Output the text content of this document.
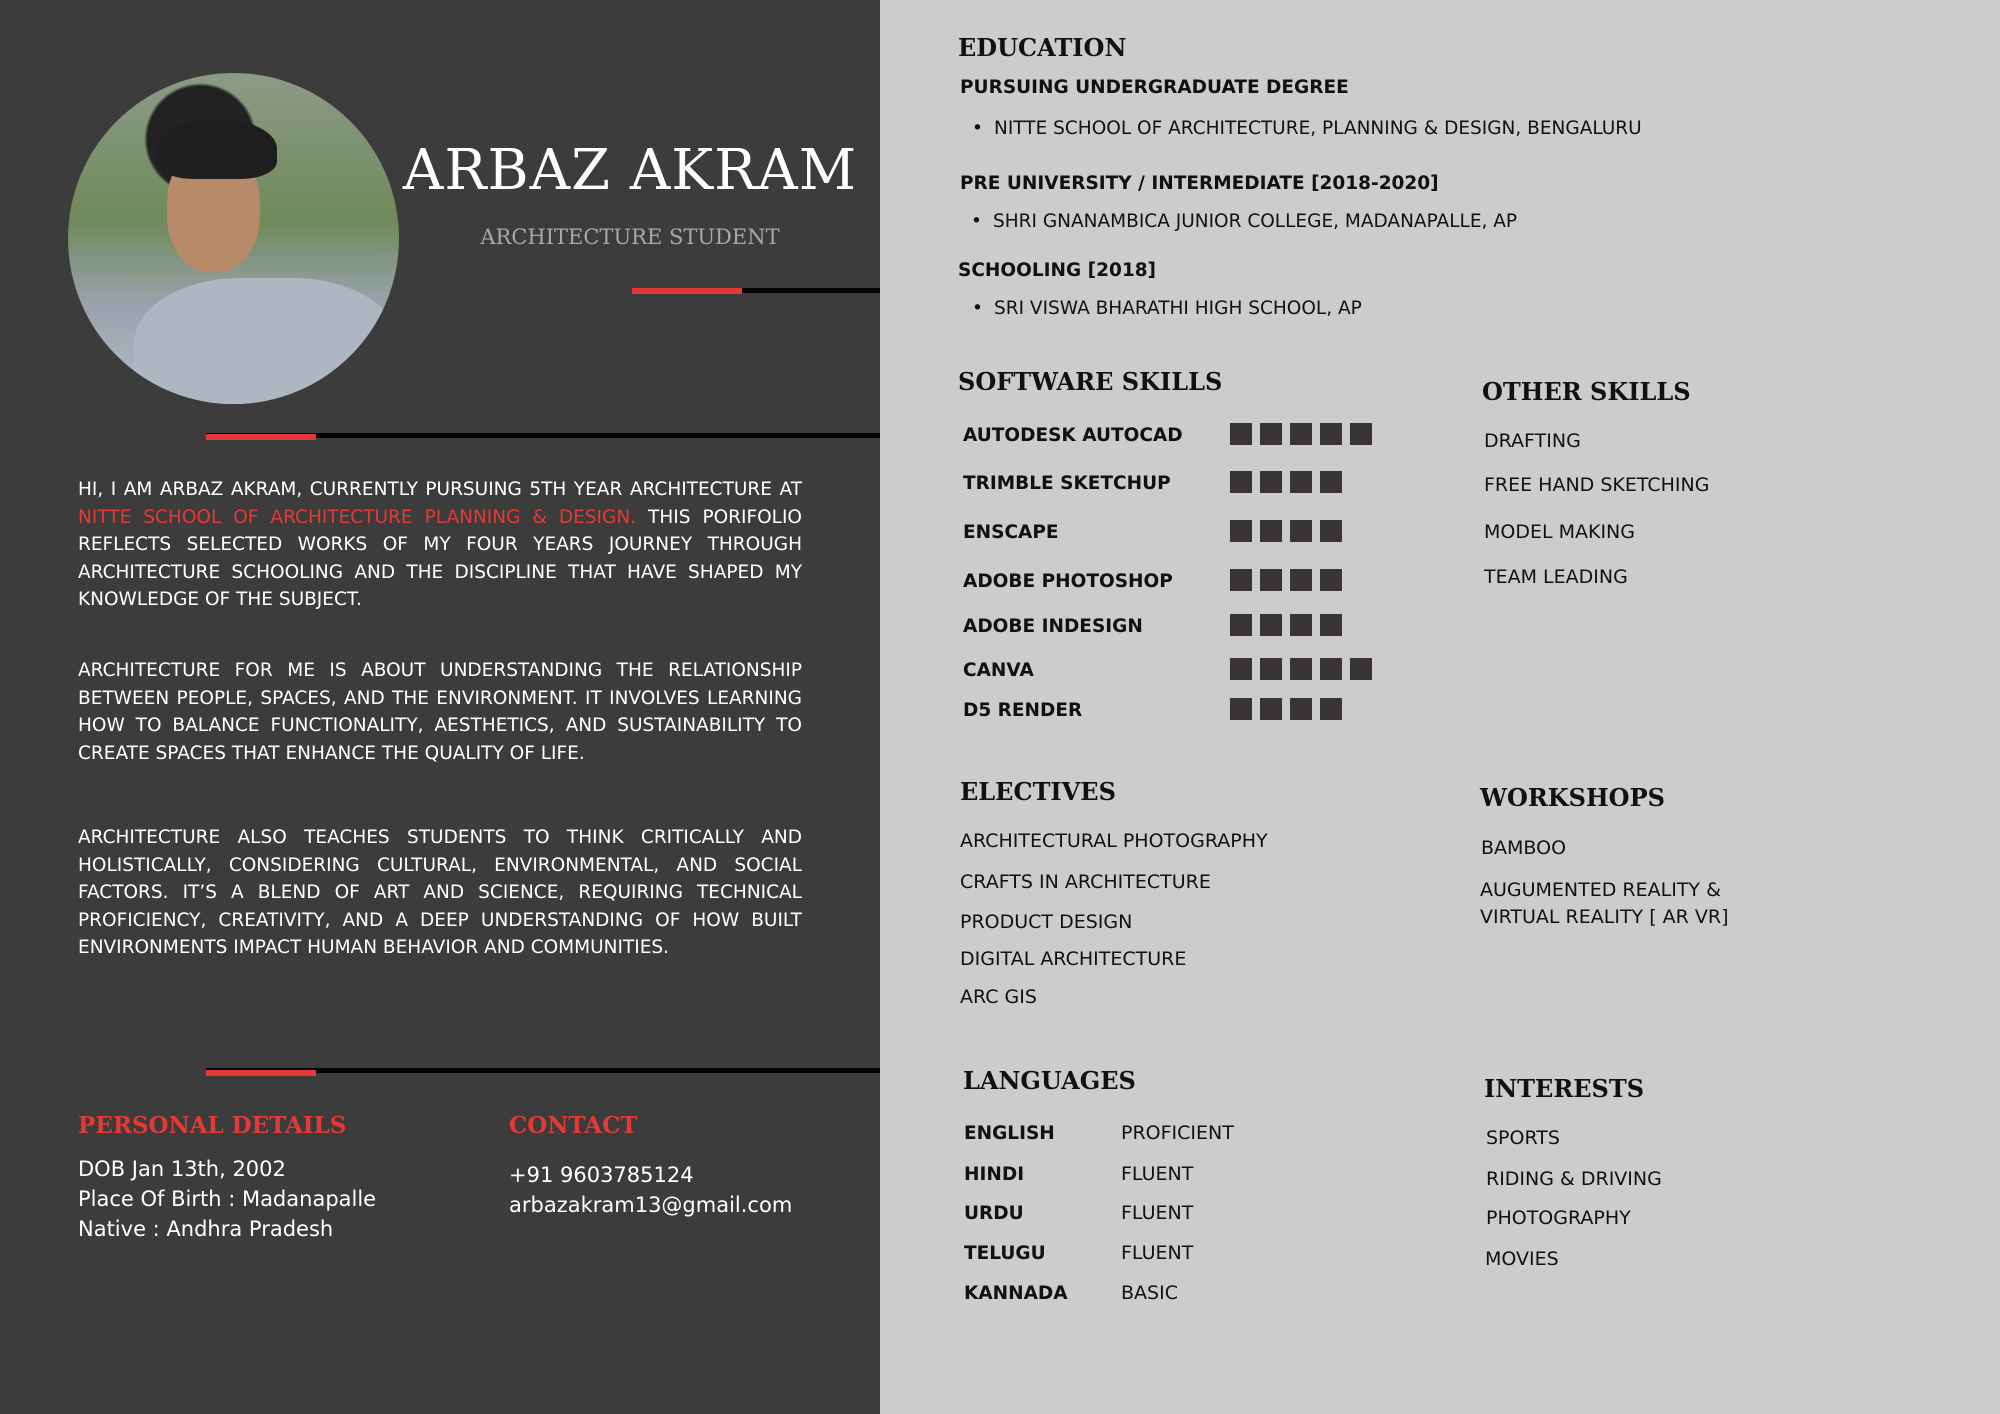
ARBAZ AKRAM
ARCHITECTURE STUDENT
HI, I AM ARBAZ AKRAM, CURRENTLY PURSUING 5TH YEAR ARCHITECTURE AT NITTE SCHOOL OF ARCHITECTURE PLANNING & DESIGN. THIS PORIFOLIO REFLECTS SELECTED WORKS OF MY FOUR YEARS JOURNEY THROUGH ARCHITECTURE SCHOOLING AND THE DISCIPLINE THAT HAVE SHAPED MY KNOWLEDGE OF THE SUBJECT.
ARCHITECTURE FOR ME IS ABOUT UNDERSTANDING THE RELATIONSHIP BETWEEN PEOPLE, SPACES, AND THE ENVIRONMENT. IT INVOLVES LEARNING HOW TO BALANCE FUNCTIONALITY, AESTHETICS, AND SUSTAINABILITY TO CREATE SPACES THAT ENHANCE THE QUALITY OF LIFE.
ARCHITECTURE ALSO TEACHES STUDENTS TO THINK CRITICALLY AND HOLISTICALLY, CONSIDERING CULTURAL, ENVIRONMENTAL, AND SOCIAL FACTORS. IT’S A BLEND OF ART AND SCIENCE, REQUIRING TECHNICAL PROFICIENCY, CREATIVITY, AND A DEEP UNDERSTANDING OF HOW BUILT ENVIRONMENTS IMPACT HUMAN BEHAVIOR AND COMMUNITIES.
PERSONAL DETAILS
DOB Jan 13th, 2002
Place Of Birth : Madanapalle
Native : Andhra Pradesh
CONTACT
+91 9603785124
arbazakram13@gmail.com
EDUCATION
PURSUING UNDERGRADUATE DEGREE
• NITTE SCHOOL OF ARCHITECTURE, PLANNING & DESIGN, BENGALURU
PRE UNIVERSITY / INTERMEDIATE [2018-2020]
• SHRI GNANAMBICA JUNIOR COLLEGE, MADANAPALLE, AP
SCHOOLING [2018]
• SRI VISWA BHARATHI HIGH SCHOOL, AP
SOFTWARE SKILLS
AUTODESK AUTOCAD
TRIMBLE SKETCHUP
ENSCAPE
ADOBE PHOTOSHOP
ADOBE INDESIGN
CANVA
D5 RENDER
OTHER SKILLS
DRAFTING
FREE HAND SKETCHING
MODEL MAKING
TEAM LEADING
ELECTIVES
ARCHITECTURAL PHOTOGRAPHY
CRAFTS IN ARCHITECTURE
PRODUCT DESIGN
DIGITAL ARCHITECTURE
ARC GIS
WORKSHOPS
BAMBOO
AUGUMENTED REALITY &
VIRTUAL REALITY [ AR VR]
LANGUAGES
ENGLISH	PROFICIENT
HINDI	FLUENT
URDU	FLUENT
TELUGU	FLUENT
KANNADA	BASIC
INTERESTS
SPORTS
RIDING & DRIVING
PHOTOGRAPHY
MOVIES
